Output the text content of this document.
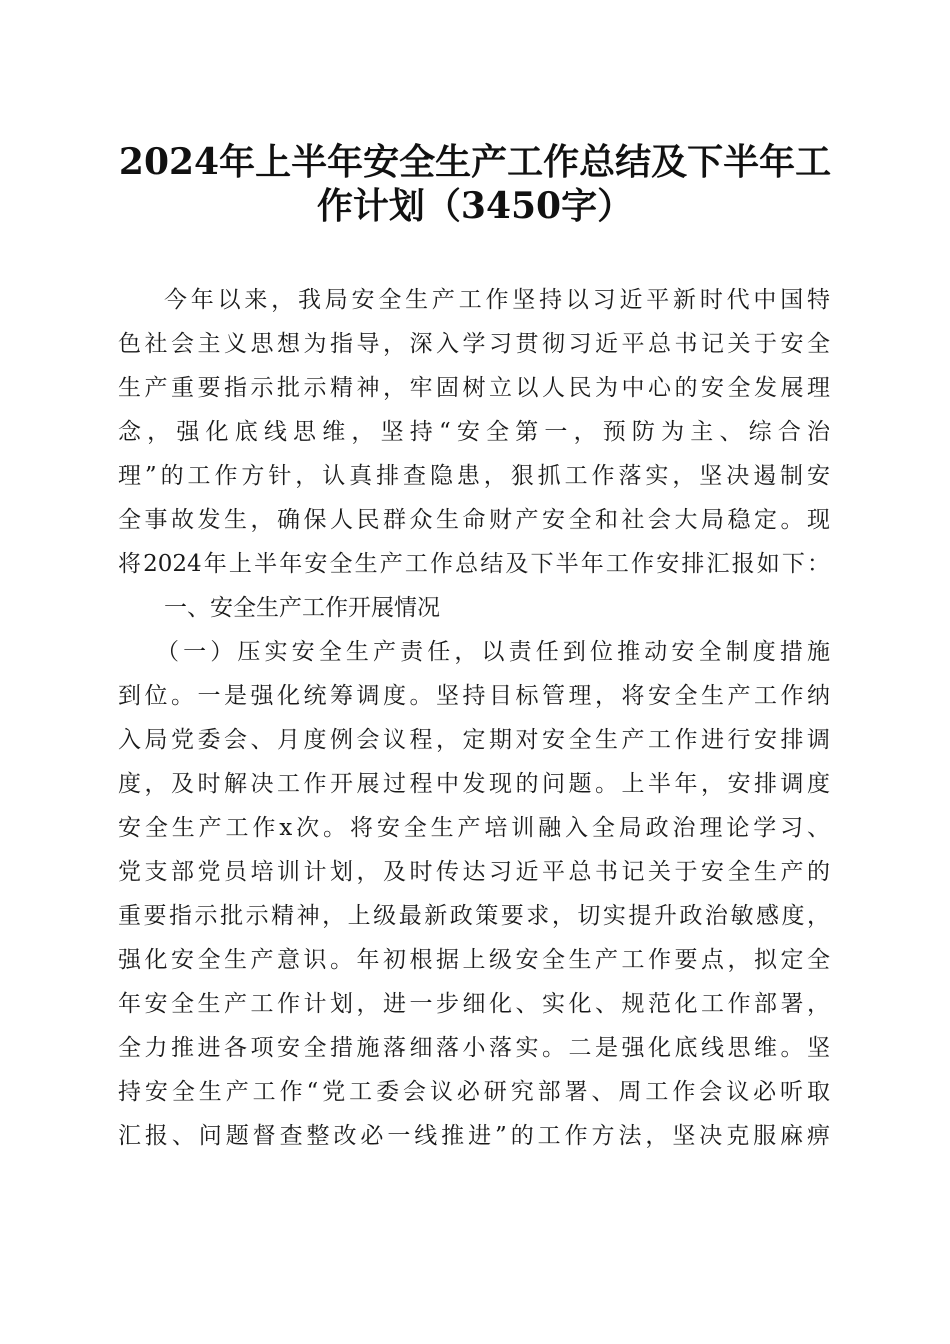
2024年上半年安全生产工作总结及下半年工
作计划（3450字）
今年以来，我局安全生产工作坚持以习近平新时代中国特
色社会主义思想为指导，深入学习贯彻习近平总书记关于安全
生产重要指示批示精神，牢固树立以人民为中心的安全发展理
念，强化底线思维，坚持“安全第一，预防为主、综合治
理”的工作方针，认真排查隐患，狠抓工作落实，坚决遏制安
全事故发生，确保人民群众生命财产安全和社会大局稳定。现
将2024年上半年安全生产工作总结及下半年工作安排汇报如下：
一、安全生产工作开展情况
（一）压实安全生产责任，以责任到位推动安全制度措施
到位。一是强化统筹调度。坚持目标管理，将安全生产工作纳
入局党委会、月度例会议程，定期对安全生产工作进行安排调
度，及时解决工作开展过程中发现的问题。上半年，安排调度
安全生产工作x次。将安全生产培训融入全局政治理论学习、
党支部党员培训计划，及时传达习近平总书记关于安全生产的
重要指示批示精神，上级最新政策要求，切实提升政治敏感度，
强化安全生产意识。年初根据上级安全生产工作要点，拟定全
年安全生产工作计划，进一步细化、实化、规范化工作部署，
全力推进各项安全措施落细落小落实。二是强化底线思维。坚
持安全生产工作“党工委会议必研究部署、周工作会议必听取
汇报、问题督查整改必一线推进”的工作方法，坚决克服麻痹
